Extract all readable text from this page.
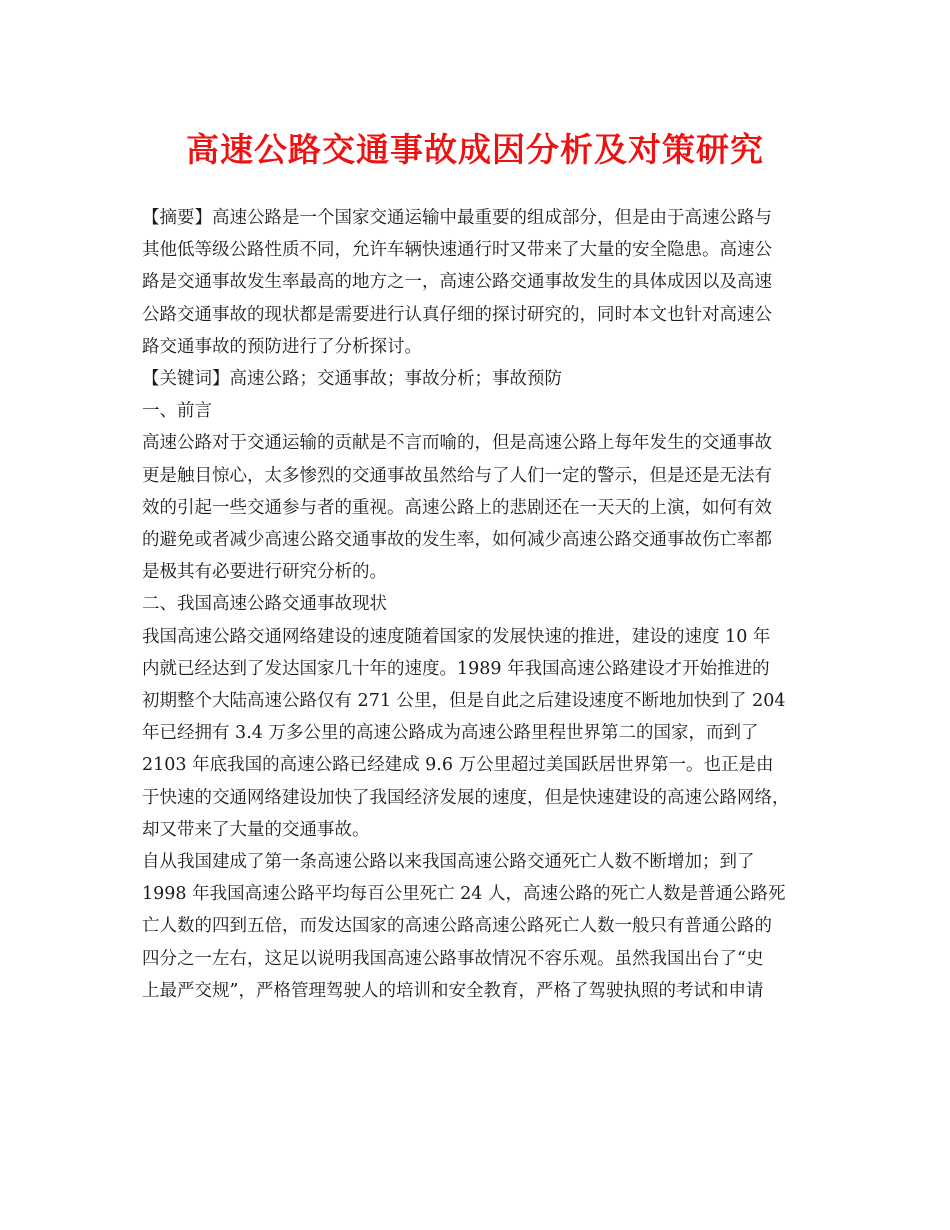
高速公路交通事故成因分析及对策研究

【摘要】高速公路是一个国家交通运输中最重要的组成部分，但是由于高速公路与

其他低等级公路性质不同，允许车辆快速通行时又带来了大量的安全隐患。高速公

路是交通事故发生率最高的地方之一，高速公路交通事故发生的具体成因以及高速

公路交通事故的现状都是需要进行认真仔细的探讨研究的，同时本文也针对高速公

路交通事故的预防进行了分析探讨。

【关键词】高速公路；交通事故；事故分析；事故预防

一、前言

高速公路对于交通运输的贡献是不言而喻的，但是高速公路上每年发生的交通事故

更是触目惊心，太多惨烈的交通事故虽然给与了人们一定的警示，但是还是无法有

效的引起一些交通参与者的重视。高速公路上的悲剧还在一天天的上演，如何有效

的避免或者减少高速公路交通事故的发生率，如何减少高速公路交通事故伤亡率都

是极其有必要进行研究分析的。

二、我国高速公路交通事故现状

我国高速公路交通网络建设的速度随着国家的发展快速的推进，建设的速度 10 年

内就已经达到了发达国家几十年的速度。1989 年我国高速公路建设才开始推进的

初期整个大陆高速公路仅有 271 公里，但是自此之后建设速度不断地加快到了 204

年已经拥有 3.4 万多公里的高速公路成为高速公路里程世界第二的国家，而到了

2103 年底我国的高速公路已经建成 9.6 万公里超过美国跃居世界第一。也正是由

于快速的交通网络建设加快了我国经济发展的速度，但是快速建设的高速公路网络，

却又带来了大量的交通事故。

自从我国建成了第一条高速公路以来我国高速公路交通死亡人数不断增加；到了

1998 年我国高速公路平均每百公里死亡 24 人，高速公路的死亡人数是普通公路死

亡人数的四到五倍，而发达国家的高速公路高速公路死亡人数一般只有普通公路的

四分之一左右，这足以说明我国高速公路事故情况不容乐观。虽然我国出台了“史

上最严交规”，严格管理驾驶人的培训和安全教育，严格了驾驶执照的考试和申请
